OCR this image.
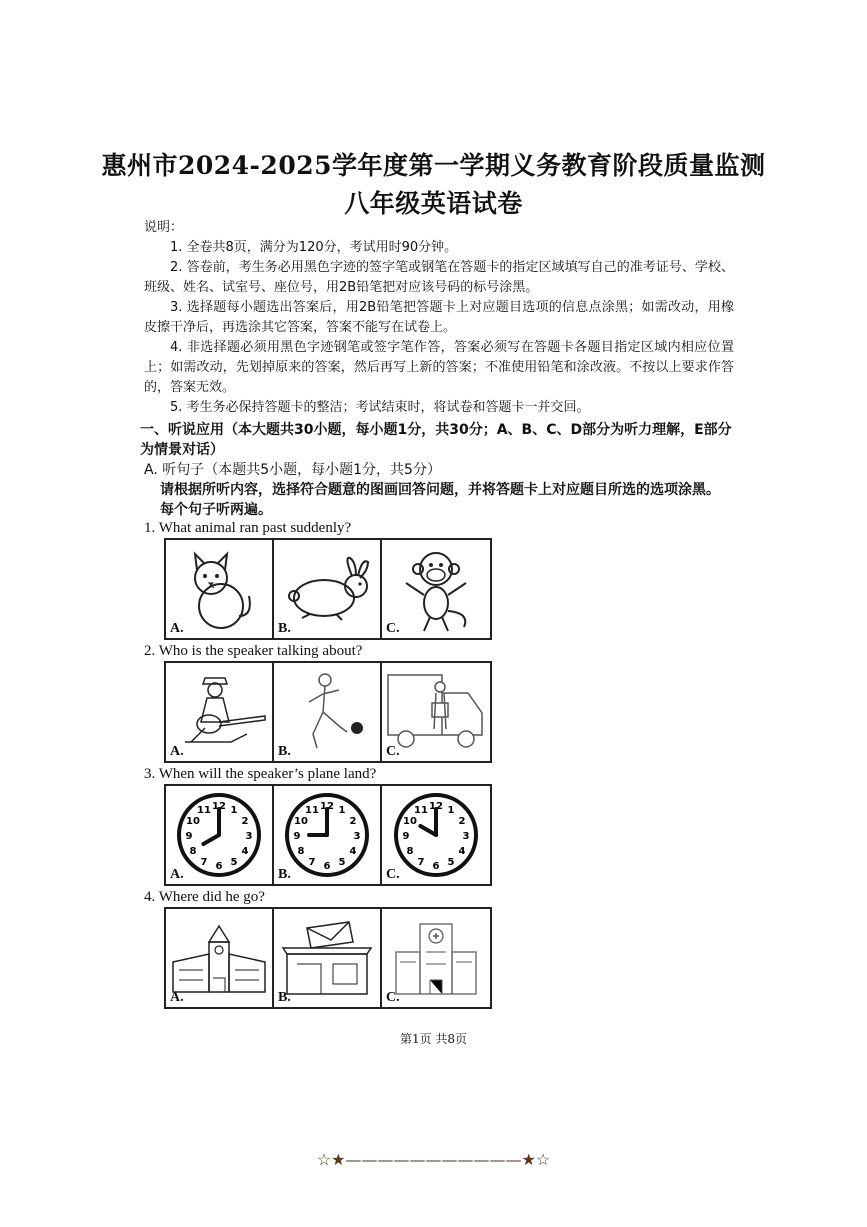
惠州市2024-2025学年度第一学期义务教育阶段质量监测
八年级英语试卷
说明：
1. 全卷共8页，满分为120分，考试用时90分钟。
2. 答卷前，考生务必用黑色字迹的签字笔或钢笔在答题卡的指定区域填写自己的准考证号、学校、班级、姓名、试室号、座位号，用2B铅笔把对应该号码的标号涂黑。
3. 选择题每小题选出答案后，用2B铅笔把答题卡上对应题目选项的信息点涂黑；如需改动，用橡皮擦干净后，再选涂其它答案，答案不能写在试卷上。
4. 非选择题必须用黑色字迹钢笔或签字笔作答，答案必须写在答题卡各题目指定区域内相应位置上；如需改动，先划掉原来的答案，然后再写上新的答案；不准使用铅笔和涂改液。不按以上要求作答的，答案无效。
5. 考生务必保持答题卡的整洁；考试结束时，将试卷和答题卡一并交回。
一、听说应用（本大题共30小题，每小题1分，共30分；A、B、C、D部分为听力理解，E部分为情景对话）
A. 听句子（本题共5小题，每小题1分，共5分）
请根据所听内容，选择符合题意的图画回答问题，并将答题卡上对应题目所选的选项涂黑。每个句子听两遍。
1. What animal ran past suddenly?
A.	B.	C.
2. Who is the speaker talking about?
A.	B.	C.
3. When will the speaker’s plane land?
1
2
3
4
5
6
7
8
9
10
11 12
A.
1
2
3
4
5
6
7
8
9
10
11 12
B.
1
2
3
4
5
6
7
8
9
10
11 12
C.
4. Where did he go?
A.	B.	C.
第1页 共8页
☆★———————————★☆
